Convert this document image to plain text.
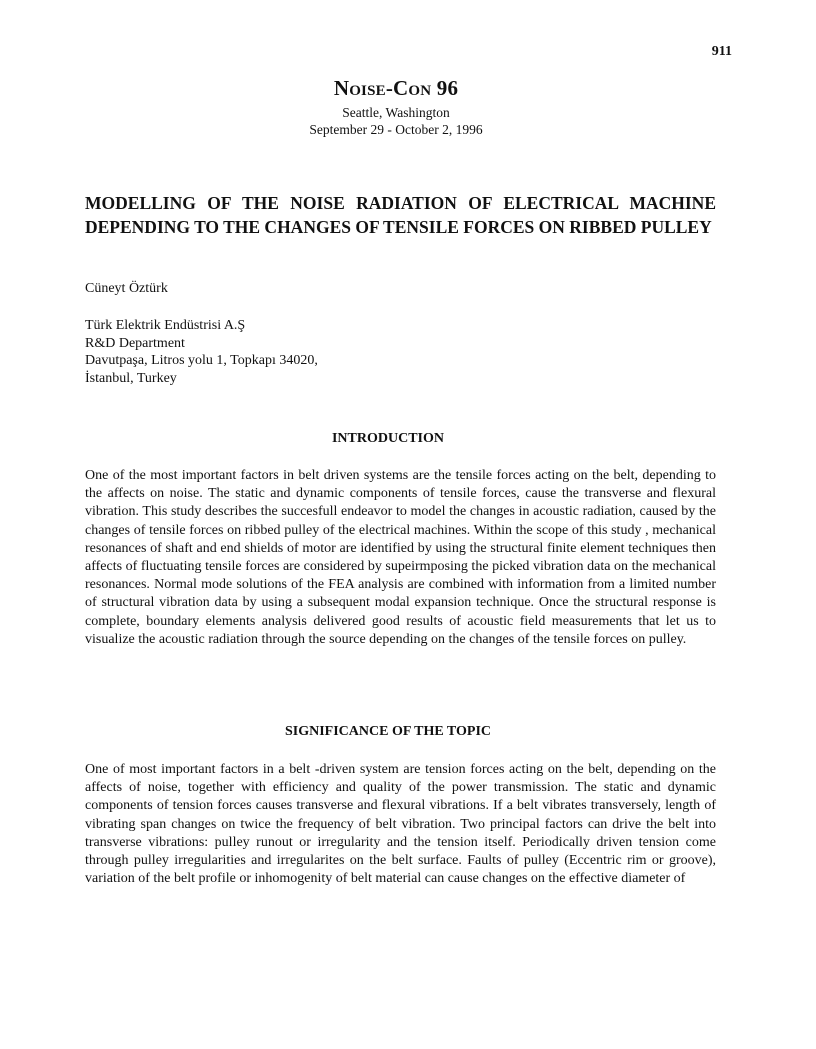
911
Noise-Con 96
Seattle, Washington
September 29 - October 2, 1996
MODELLING OF THE NOISE RADIATION OF ELECTRICAL MACHINE DEPENDING TO THE CHANGES OF TENSILE FORCES ON RIBBED PULLEY
Cüneyt Öztürk
Türk Elektrik Endüstrisi A.Ş
R&D Department
Davutpaşa, Litros yolu 1, Topkapı 34020,
İstanbul, Turkey
INTRODUCTION
One of the most important factors in belt driven systems are the tensile forces acting on the belt, depending to the affects on noise. The static and dynamic components of tensile forces, cause the transverse and flexural vibration. This study describes the succesfull endeavor to model the changes in acoustic radiation, caused by the changes of tensile forces on ribbed pulley of the electrical machines. Within the scope of this study , mechanical resonances of shaft and end shields of motor are identified by using the structural finite element techniques then affects of fluctuating tensile forces are considered by supeirmposing the picked vibration data on the mechanical resonances. Normal mode solutions of the FEA analysis are combined with information from a limited number of structural vibration data by using a subsequent modal expansion technique. Once the structural response is complete, boundary elements analysis delivered good results of acoustic field measurements that let us to visualize the acoustic radiation through the source depending on the changes of the tensile forces on pulley.
SIGNIFICANCE OF THE TOPIC
One of most important factors in a belt -driven system are tension forces acting on the belt, depending on the affects of noise, together with efficiency and quality of the power transmission. The static and dynamic components of tension forces causes transverse and flexural vibrations. If a belt vibrates transversely, length of vibrating span changes on twice the frequency of belt vibration. Two principal factors can drive the belt into transverse vibrations: pulley runout or irregularity and the tension itself. Periodically driven tension come through pulley irregularities and irregularites on the belt surface. Faults of pulley (Eccentric rim or groove), variation of the belt profile or inhomogenity of belt material can cause changes on the effective diameter of
